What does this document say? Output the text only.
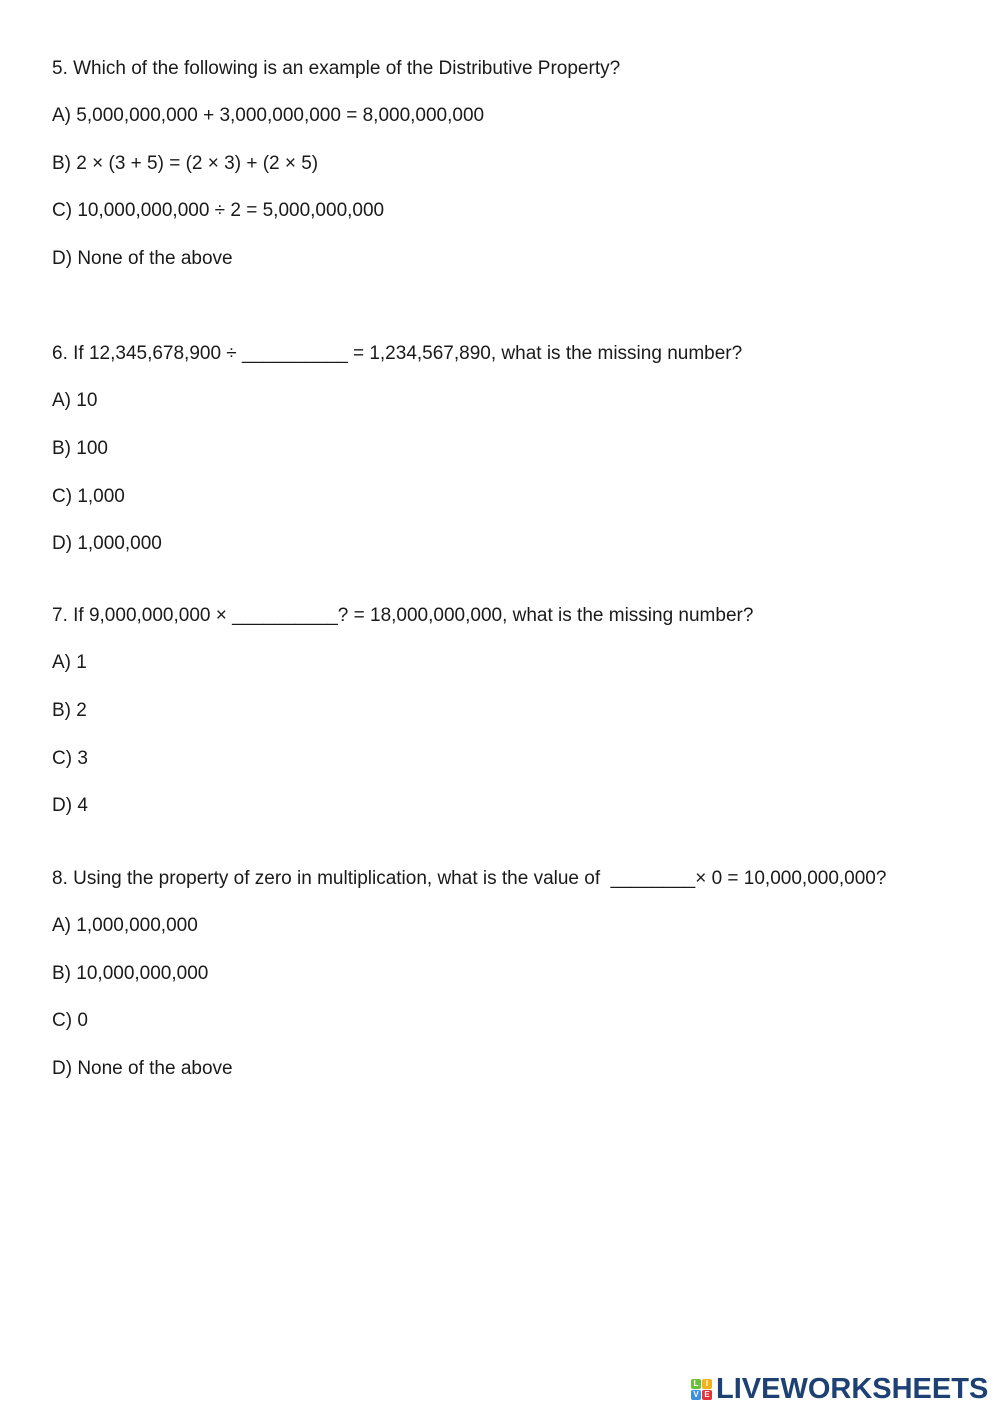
5. Which of the following is an example of the Distributive Property?
A) 5,000,000,000 + 3,000,000,000 = 8,000,000,000
B) 2 × (3 + 5) = (2 × 3) + (2 × 5)
C) 10,000,000,000 ÷ 2 = 5,000,000,000
D) None of the above
6. If 12,345,678,900 ÷ __________ = 1,234,567,890, what is the missing number?
A) 10
B) 100
C) 1,000
D) 1,000,000
7. If 9,000,000,000 × __________? = 18,000,000,000, what is the missing number?
A) 1
B) 2
C) 3
D) 4
8. Using the property of zero in multiplication, what is the value of  ________× 0 = 10,000,000,000?
A) 1,000,000,000
B) 10,000,000,000
C) 0
D) None of the above
L I
V E LIVEWORKSHEETS
